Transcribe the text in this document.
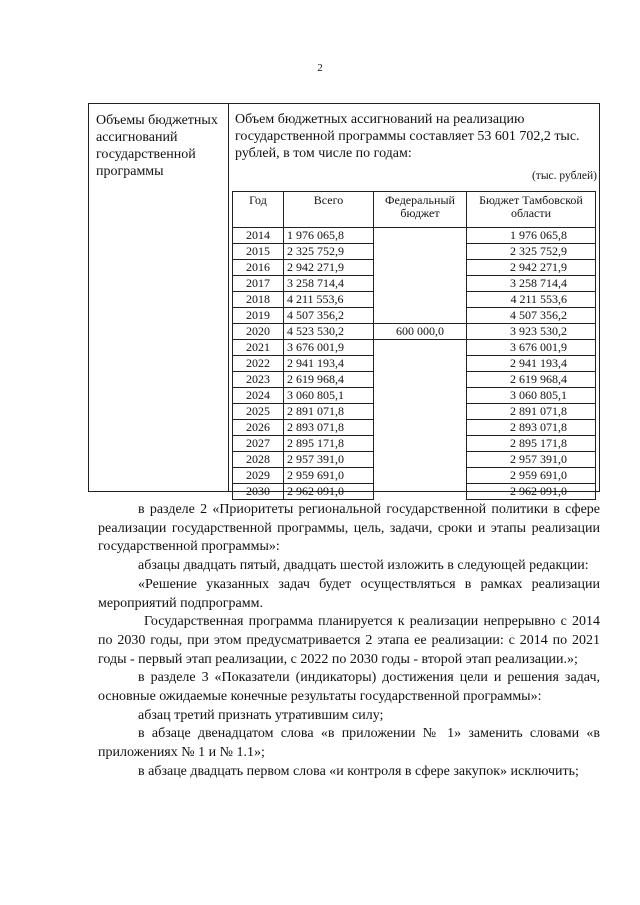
2
Объемы бюджетных ассигнований государственной программы
Объем бюджетных ассигнований на реализацию государственной программы составляет 53 601 702,2 тыс. рублей, в том числе по годам:
(тыс. рублей)
Год	Всего	Федеральный бюджет	Бюджет Тамбовской области
2014	1 976 065,8		1 976 065,8
2015	2 325 752,9		2 325 752,9
2016	2 942 271,9		2 942 271,9
2017	3 258 714,4		3 258 714,4
2018	4 211 553,6		4 211 553,6
2019	4 507 356,2		4 507 356,2
2020	4 523 530,2	600 000,0	3 923 530,2
2021	3 676 001,9		3 676 001,9
2022	2 941 193,4		2 941 193,4
2023	2 619 968,4		2 619 968,4
2024	3 060 805,1		3 060 805,1
2025	2 891 071,8		2 891 071,8
2026	2 893 071,8		2 893 071,8
2027	2 895 171,8		2 895 171,8
2028	2 957 391,0		2 957 391,0
2029	2 959 691,0		2 959 691,0
2030	2 962 091,0		2 962 091,0

в разделе 2 «Приоритеты региональной государственной политики в сфере реализации государственной программы, цель, задачи, сроки и этапы реализации государственной программы»:

абзацы двадцать пятый, двадцать шестой изложить в следующей редакции:

«Решение указанных задач будет осуществляться в рамках реализации мероприятий подпрограмм.

Государственная программа планируется к реализации непрерывно с 2014 по 2030 годы, при этом предусматривается 2 этапа ее реализации: с 2014 по 2021 годы - первый этап реализации, с 2022 по 2030 годы - второй этап реализации.»;

в разделе 3 «Показатели (индикаторы) достижения цели и решения задач, основные ожидаемые конечные результаты государственной программы»:

абзац третий признать утратившим силу;

в абзаце двенадцатом слова «в приложении № 1» заменить словами «в приложениях № 1 и № 1.1»;

в абзаце двадцать первом слова «и контроля в сфере закупок» исключить;
